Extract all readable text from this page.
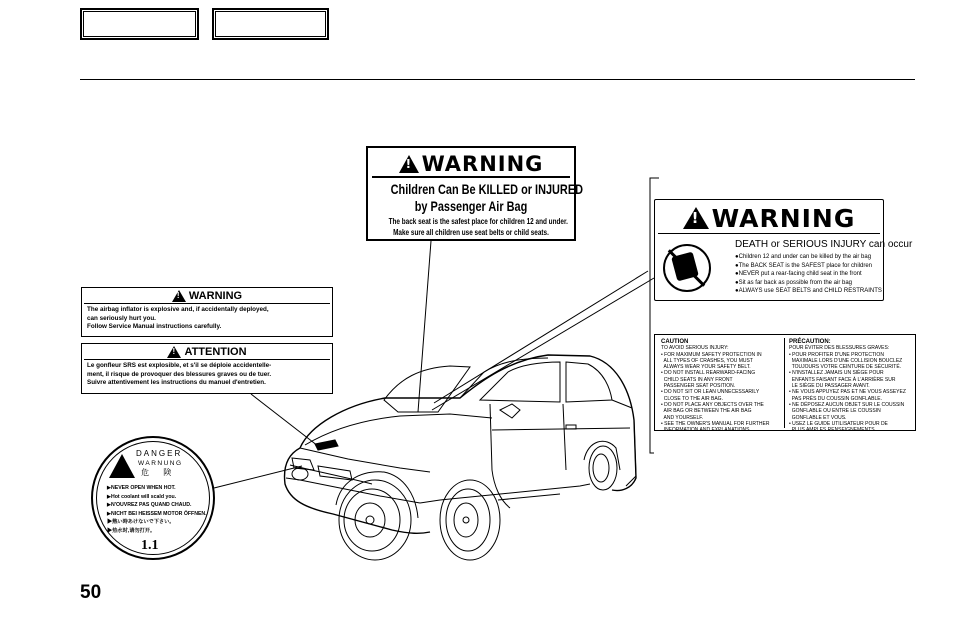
!
WARNING
Children Can Be KILLED or INJURED
by Passenger Air Bag
The back seat is the safest place for children 12 and under.
Make sure all children use seat belts or child seats.
!
WARNING
The airbag inflator is explosive and, if accidentally deployed,
can seriously hurt you.
Follow Service Manual instructions carefully.
!
ATTENTION
Le gonfleur SRS est explosible, et s'il se déploie accidentelle-
ment, il risque de provoquer des blessures graves ou de tuer.
Suivre attentivement les instructions du manuel d'entretien.
!
WARNING
DEATH or SERIOUS INJURY can occur
● Children 12 and under can be killed by the air bag
● The BACK SEAT is the SAFEST place for children
● NEVER put a rear-facing child seat in the front
● Sit as far back as possible from the air bag
● ALWAYS use SEAT BELTS and CHILD RESTRAINTS
CAUTION
TO AVOID SERIOUS INJURY:
• FOR MAXIMUM SAFETY PROTECTION IN
ALL TYPES OF CRASHES, YOU MUST
ALWAYS WEAR YOUR SAFETY BELT.
• DO NOT INSTALL REARWARD-FACING
CHILD SEATS IN ANY FRONT
PASSENGER SEAT POSITION.
• DO NOT SIT OR LEAN UNNECESSARILY
CLOSE TO THE AIR BAG.
• DO NOT PLACE ANY OBJECTS OVER THE
AIR BAG OR BETWEEN THE AIR BAG
AND YOURSELF.
• SEE THE OWNER'S MANUAL FOR FURTHER
INFORMATION AND EXPLANATIONS.
PRÉCAUTION:
POUR ÉVITER DES BLESSURES GRAVES:
• POUR PROFITER D'UNE PROTECTION
MAXIMALE LORS D'UNE COLLISION BOUCLEZ
TOUJOURS VOTRE CEINTURE DE SÉCURITÉ.
• N'INSTALLEZ JAMAIS UN SIÈGE POUR
ENFANTS FAISANT FACE À L'ARRIÈRE SUR
LE SIÈGE DU PASSAGER AVANT.
• NE VOUS APPUYEZ PAS ET NE VOUS ASSEYEZ
PAS PRÈS DU COUSSIN GONFLABLE.
• NE DÉPOSEZ AUCUN OBJET SUR LE COUSSIN
GONFLABLE OU ENTRE LE COUSSIN
GONFLABLE ET VOUS.
• USEZ LE GUIDE UTILISATEUR POUR DE
PLUS AMPLES RENSEIGNEMENTS.
DANGER
WARNUNG
危 険
▶ NEVER OPEN WHEN HOT.
▶ Hot coolant will scald you.
▶ N'OUVREZ PAS QUAND CHAUD.
▶ NICHT BEI HEISSEM MOTOR ÖFFNEN.
▶ 熱い時あけないで下さい。
▶ 热水时,请勿打开。
1.1
50
